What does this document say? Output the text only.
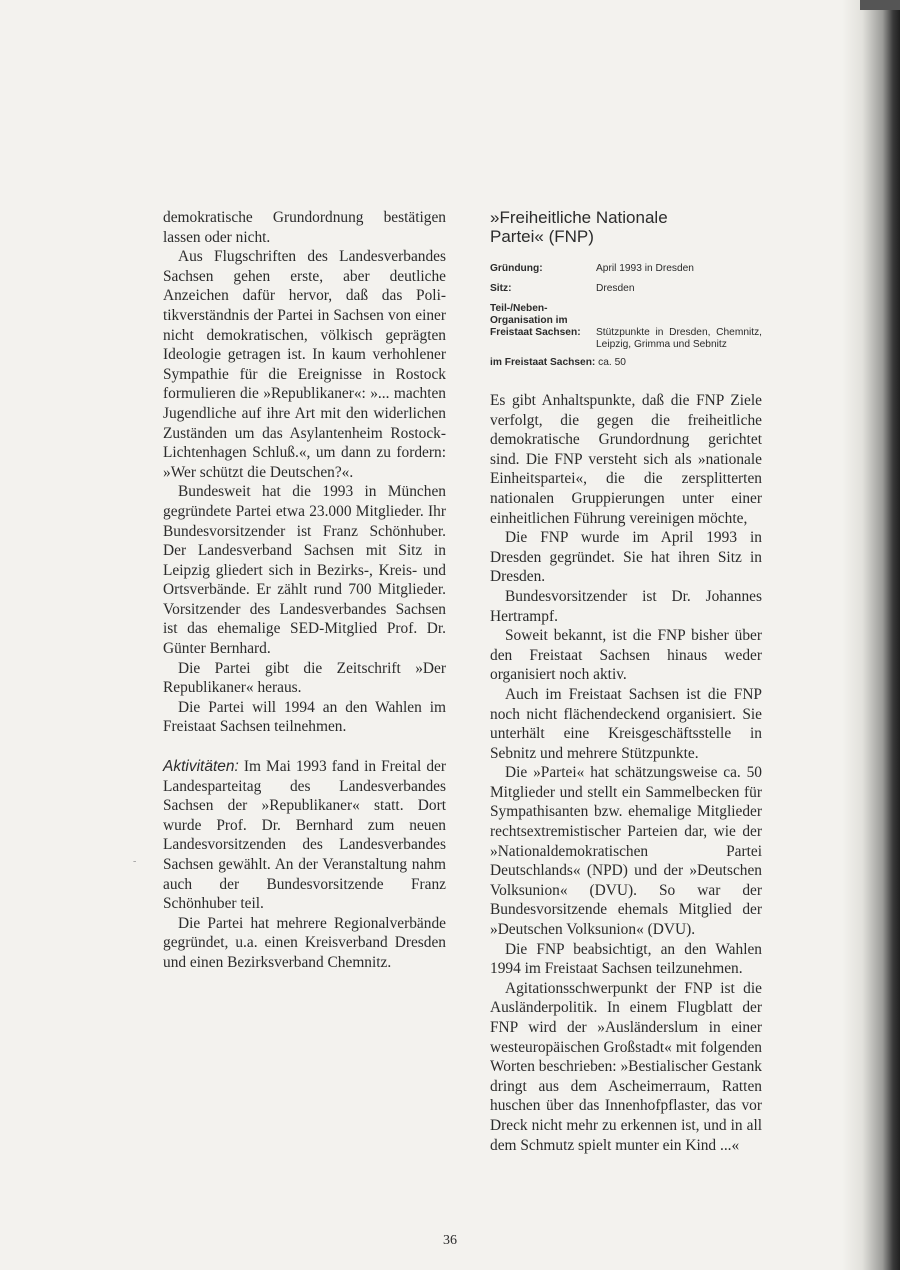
-

demokratische Grundordnung bestätigen lassen oder nicht.

Aus Flugschriften des Landesverbandes Sachsen gehen erste, aber deutliche Anzeichen dafür hervor, daß das Politikverständnis der Partei in Sachsen von einer nicht demokratischen, völkisch geprägten Ideologie getragen ist. In kaum verhohlener Sympathie für die Ereignisse in Rostock formulieren die »Republikaner«: »... machten Jugendliche auf ihre Art mit den widerlichen Zuständen um das Asylantenheim Rostock-Lichtenhagen Schluß.«, um dann zu fordern: »Wer schützt die Deutschen?«.

Bundesweit hat die 1993 in München gegründete Partei etwa 23.000 Mitglieder. Ihr Bundesvorsitzender ist Franz Schönhuber. Der Landesverband Sachsen mit Sitz in Leipzig gliedert sich in Bezirks-, Kreis- und Ortsverbände. Er zählt rund 700 Mitglieder. Vorsitzender des Landesverbandes Sachsen ist das ehemalige SED-Mitglied Prof. Dr. Günter Bernhard.

Die Partei gibt die Zeitschrift »Der Republikaner« heraus.

Die Partei will 1994 an den Wahlen im Freistaat Sachsen teilnehmen.

Aktivitäten: Im Mai 1993 fand in Freital der Landesparteitag des Landesverbandes Sachsen der »Republikaner« statt. Dort wurde Prof. Dr. Bernhard zum neuen Landesvorsitzenden des Landesverbandes Sachsen gewählt. An der Veranstaltung nahm auch der Bundesvorsitzende Franz Schönhuber teil.

Die Partei hat mehrere Regionalverbände gegründet, u.a. einen Kreisverband Dresden und einen Bezirksverband Chemnitz.

»Freiheitliche Nationale
Partei« (FNP)
Gründung:	April 1993 in Dresden
Sitz:	Dresden
Teil-/Neben-
Organisation im
Freistaat Sachsen:	Stützpunkte in Dresden, Chemnitz, Leipzig, Grimma und Sebnitz
im Freistaat Sachsen: ca. 50

Es gibt Anhaltspunkte, daß die FNP Ziele verfolgt, die gegen die freiheitliche demokratische Grundordnung gerichtet sind. Die FNP versteht sich als »nationale Einheitspartei«, die die zersplitterten nationalen Gruppierungen unter einer einheitlichen Führung vereinigen möchte,

Die FNP wurde im April 1993 in Dresden gegründet. Sie hat ihren Sitz in Dresden.

Bundesvorsitzender ist Dr. Johannes Hertrampf.

Soweit bekannt, ist die FNP bisher über den Freistaat Sachsen hinaus weder organisiert noch aktiv.

Auch im Freistaat Sachsen ist die FNP noch nicht flächendeckend organisiert. Sie unterhält eine Kreisgeschäftsstelle in Sebnitz und mehrere Stützpunkte.

Die »Partei« hat schätzungsweise ca. 50 Mitglieder und stellt ein Sammelbecken für Sympathisanten bzw. ehemalige Mitglieder rechtsextremistischer Parteien dar, wie der »Nationaldemokratischen Partei Deutschlands« (NPD) und der »Deutschen Volksunion« (DVU). So war der Bundesvorsitzende ehemals Mitglied der »Deutschen Volksunion« (DVU).

Die FNP beabsichtigt, an den Wahlen 1994 im Freistaat Sachsen teilzunehmen.

Agitationsschwerpunkt der FNP ist die Ausländerpolitik. In einem Flugblatt der FNP wird der »Ausländerslum in einer westeuropäischen Großstadt« mit folgenden Worten beschrieben: »Bestialischer Gestank dringt aus dem Ascheimerraum, Ratten huschen über das Innenhofpflaster, das vor Dreck nicht mehr zu erkennen ist, und in all dem Schmutz spielt munter ein Kind ...«

36
